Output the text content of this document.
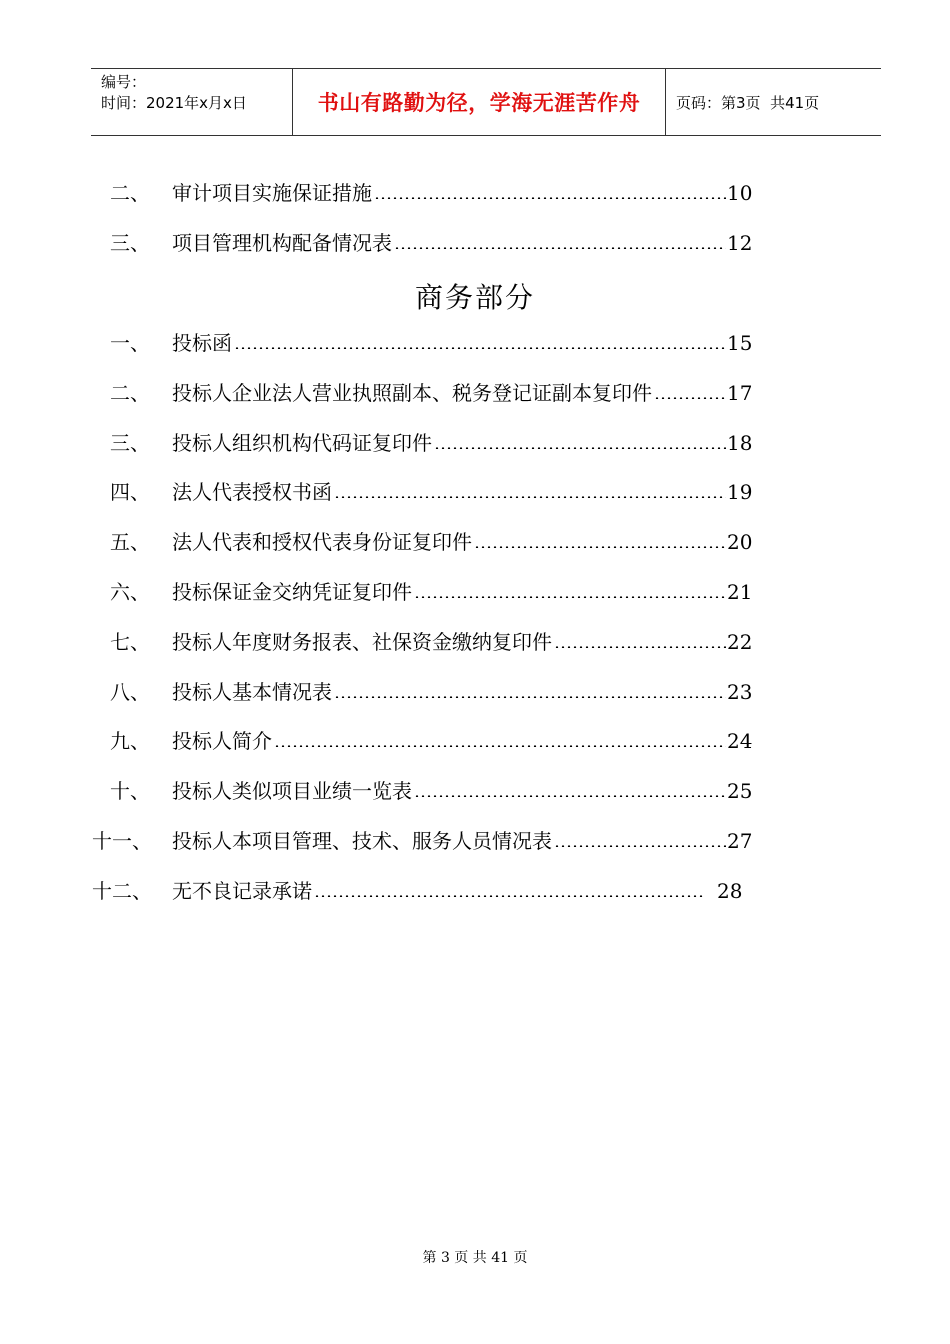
编号：
时间：2021年x月x日	书山有路勤为径，学海无涯苦作舟	页码：第3页  共41页
二、 审计项目实施保证措施	10
三、 项目管理机构配备情况表	12
一、 投标函	15
二、 投标人企业法人营业执照副本、税务登记证副本复印件	17
三、 投标人组织机构代码证复印件	18
四、 法人代表授权书函	19
五、 法人代表和授权代表身份证复印件	20
六、 投标保证金交纳凭证复印件	21
七、 投标人年度财务报表、社保资金缴纳复印件	22
八、 投标人基本情况表	23
九、 投标人简介	24
十、 投标人类似项目业绩一览表	25
十一、 投标人本项目管理、技术、服务人员情况表	27
十二、 无不良记录承诺	28
商务部分
第 3 页 共 41 页
